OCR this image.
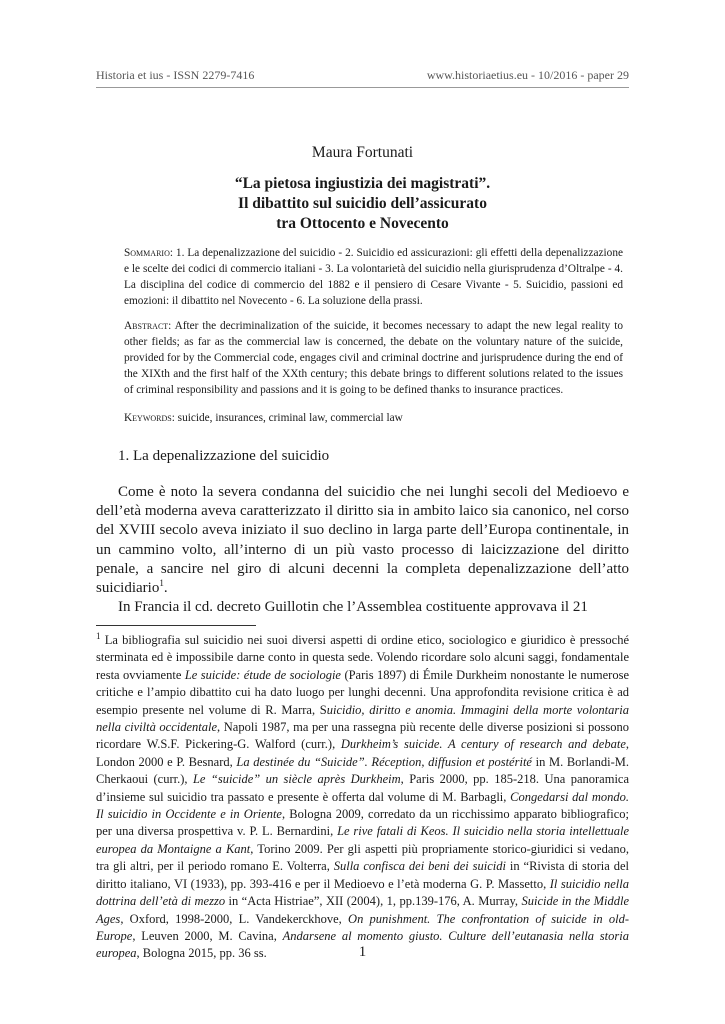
Historia et ius - ISSN 2279-7416	www.historiaetius.eu - 10/2016 - paper 29
Maura Fortunati
“La pietosa ingiustizia dei magistrati”.
Il dibattito sul suicidio dell’assicurato
tra Ottocento e Novecento
Sommario: 1. La depenalizzazione del suicidio - 2. Suicidio ed assicurazioni: gli effetti della depenalizzazione e le scelte dei codici di commercio italiani - 3. La volontarietà del suicidio nella giurisprudenza d’Oltralpe - 4. La disciplina del codice di commercio del 1882 e il pensiero di Cesare Vivante - 5. Suicidio, passioni ed emozioni: il dibattito nel Novecento - 6. La soluzione della prassi.
Abstract: After the decriminalization of the suicide, it becomes necessary to adapt the new legal reality to other fields; as far as the commercial law is concerned, the debate on the voluntary nature of the suicide, provided for by the Commercial code, engages civil and criminal doctrine and jurisprudence during the end of the XIXth and the first half of the XXth century; this debate brings to different solutions related to the issues of criminal responsibility and passions and it is going to be defined thanks to insurance practices.
Keywords: suicide, insurances, criminal law, commercial law
1. La depenalizzazione del suicidio

Come è noto la severa condanna del suicidio che nei lunghi secoli del Medioevo e dell’età moderna aveva caratterizzato il diritto sia in ambito laico sia canonico, nel corso del XVIII secolo aveva iniziato il suo declino in larga parte dell’Europa continentale, in un cammino volto, all’interno di un più vasto processo di laicizzazione del diritto penale, a sancire nel giro di alcuni decenni la completa depenalizzazione dell’atto suicidiario$^1$.

In Francia il cd. decreto Guillotin che l’Assemblea costituente approvava il 21

$^1$ La bibliografia sul suicidio nei suoi diversi aspetti di ordine etico, sociologico e giuridico è pressoché sterminata ed è impossibile darne conto in questa sede. Volendo ricordare solo alcuni saggi, fondamentale resta ovviamente Le suicide: étude de sociologie (Paris 1897) di Émile Durkheim nonostante le numerose critiche e l’ampio dibattito cui ha dato luogo per lunghi decenni. Una approfondita revisione critica è ad esempio presente nel volume di R. Marra, Suicidio, diritto e anomia. Immagini della morte volontaria nella civiltà occidentale, Napoli 1987, ma per una rassegna più recente delle diverse posizioni si possono ricordare W.S.F. Pickering-G. Walford (curr.), Durkheim’s suicide. A century of research and debate, London 2000 e P. Besnard, La destinée du “Suicide”. Réception, diffusion et postérité in M. Borlandi-M. Cherkaoui (curr.), Le “suicide” un siècle après Durkheim, Paris 2000, pp. 185-218. Una panoramica d’insieme sul suicidio tra passato e presente è offerta dal volume di M. Barbagli, Congedarsi dal mondo. Il suicidio in Occidente e in Oriente, Bologna 2009, corredato da un ricchissimo apparato bibliografico; per una diversa prospettiva v. P. L. Bernardini, Le rive fatali di Keos. Il suicidio nella storia intellettuale europea da Montaigne a Kant, Torino 2009. Per gli aspetti più propriamente storico-giuridici si vedano, tra gli altri, per il periodo romano E. Volterra, Sulla confisca dei beni dei suicidi in “Rivista di storia del diritto italiano, VI (1933), pp. 393-416 e per il Medioevo e l’età moderna G. P. Massetto, Il suicidio nella dottrina dell’età di mezzo in “Acta Histriae”, XII (2004), 1, pp.139-176, A. Murray, Suicide in the Middle Ages, Oxford, 1998-2000, L. Vandekerckhove, On punishment. The confrontation of suicide in old-Europe, Leuven 2000, M. Cavina, Andarsene al momento giusto. Culture dell’eutanasia nella storia europea, Bologna 2015, pp. 36 ss.	1
